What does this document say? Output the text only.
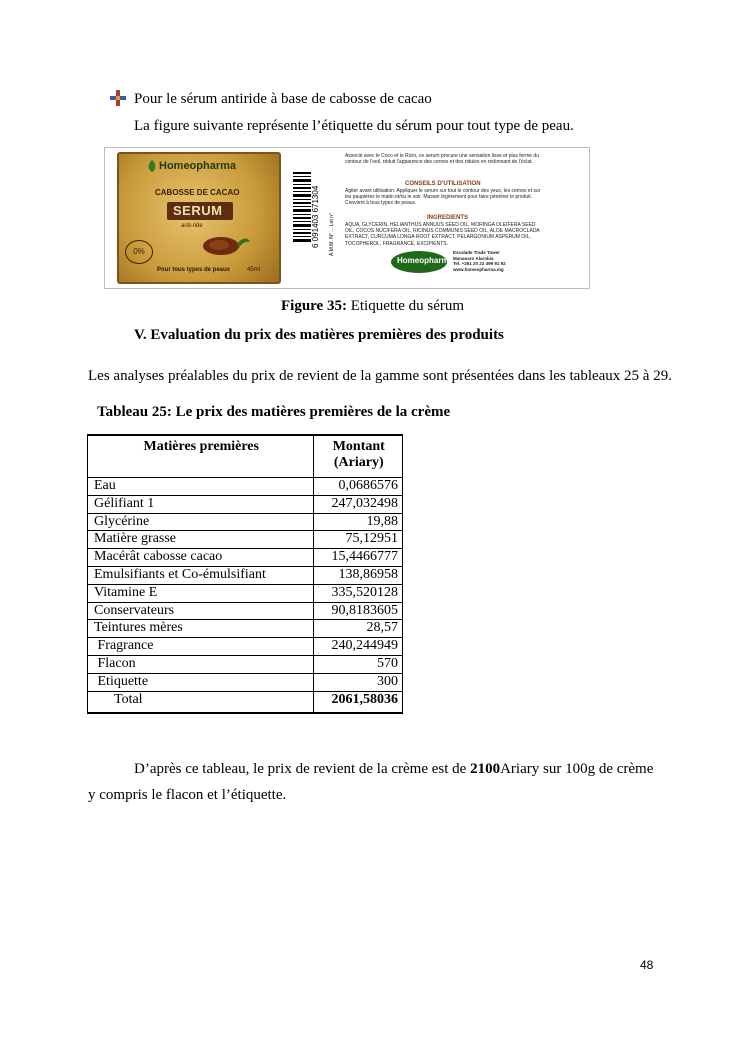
Pour le sérum antiride à base de cabosse de cacao
La figure suivante représente l’étiquette du sérum pour tout type de peau.
Homeopharma
CABOSSE DE CACAO
SERUM
anti-ride
0%
Pour tous types de peaux	45ml
6 091403 671304 A.M.M. N° ... Lot n°
Associé avec le Coco et le Ricin, ce serum procure une sensation lisse et plus ferme du contour de l’oeil, réduit l’apparence des cernes et des ridules en redonnant de l’éclat.
CONSEILS D’UTILISATION
Agiter avant utilisation. Appliquer le serum sur tout le contour des yeux, les cernes et sur les paupières le matin et/ou le soir. Masser légèrement pour faire pénétrer le produit. Convient à tous types de peaux.
INGREDIENTS
AQUA, GLYCERIN, HELIANTHUS ANNUUS SEED OIL, MORINGA OLEIFERA SEED OIL, COCOS NUCIFERA OIL, RICINUS COMMUNIS SEED OIL, ALOE MACROCLADA EXTRACT, CURCUMA LONGA ROOT EXTRACT, PELARGONIUM ASPERUM OIL, TOCOPHEROL, FRAGRANCE, EXCIPIENTS.
Homeopharma
Escalade Trade Tower
Mananarо Alarobia
Tel. +261 20 22 499 91 92
www.homeopharma.mg
Figure 35: Etiquette du sérum
V. Evaluation du prix des matières premières des produits
Les analyses préalables du prix de revient de la gamme sont présentées dans les tableaux 25 à 29.
Tableau 25: Le prix des matières premières de la crème
Matières premières	Montant
(Ariary)

Eau	0,0686576
Gélifiant 1	247,032498
Glycérine	19,88
Matière grasse	75,12951
Macérât cabosse cacao	15,4466777
Emulsifiants et Co-émulsifiant	138,86958
Vitamine E	335,520128
Conservateurs	90,8183605
Teintures mères	28,57
Fragrance	240,244949
Flacon	570
Etiquette	300
Total	2061,58036
D’après ce tableau, le prix de revient de la crème est de 2100Ariary sur 100g de crème
y compris le flacon et l’étiquette.
48
